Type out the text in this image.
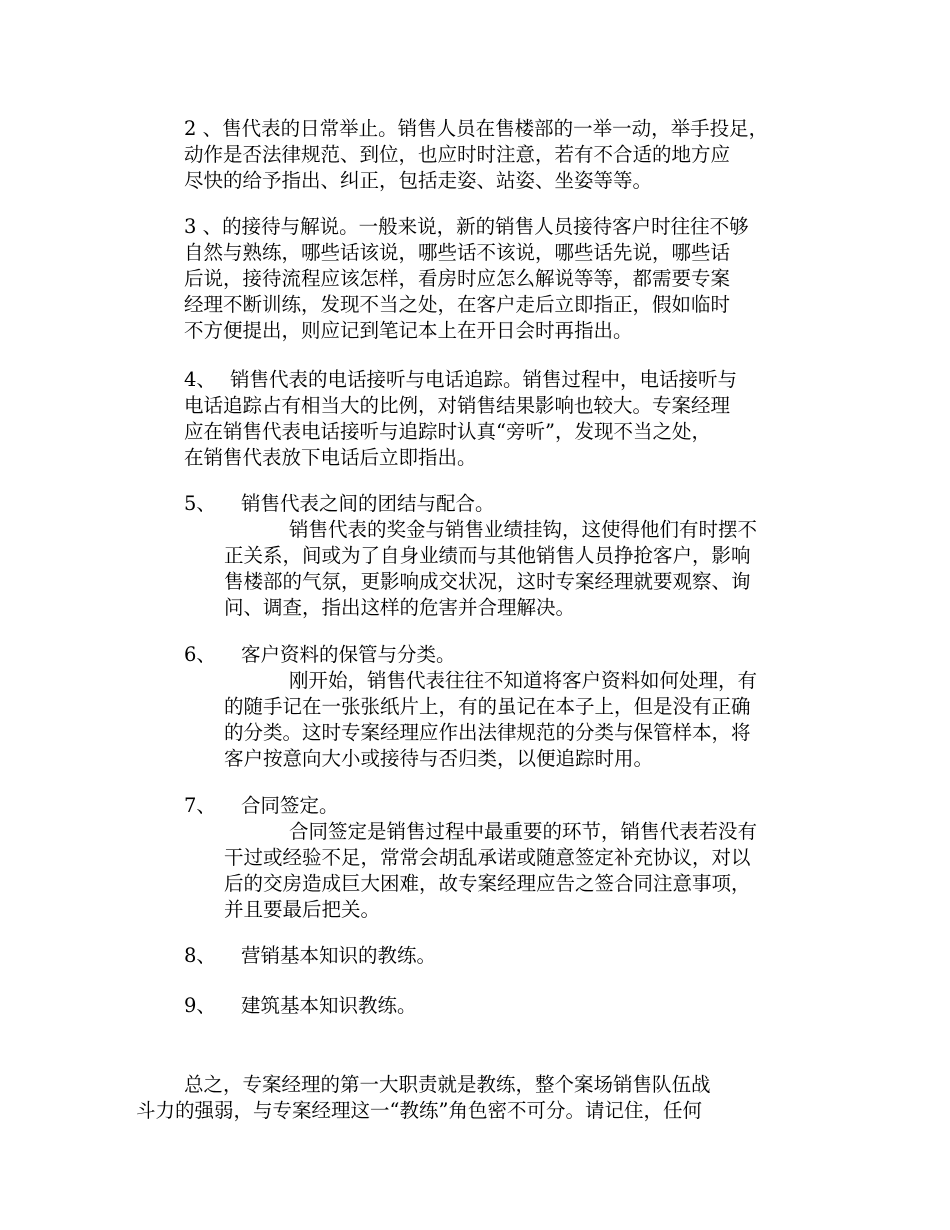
2 、售代表的日常举止。销售人员在售楼部的一举一动，举手投足，
动作是否法律规范、到位，也应时时注意，若有不合适的地方应
尽快的给予指出、纠正，包括走姿、站姿、坐姿等等。
3 、的接待与解说。一般来说，新的销售人员接待客户时往往不够
自然与熟练，哪些话该说，哪些话不该说，哪些话先说，哪些话
后说，接待流程应该怎样，看房时应怎么解说等等，都需要专案
经理不断训练，发现不当之处，在客户走后立即指正，假如临时
不方便提出，则应记到笔记本上在开日会时再指出。
4、 销售代表的电话接听与电话追踪。销售过程中，电话接听与
电话追踪占有相当大的比例，对销售结果影响也较大。专案经理
应在销售代表电话接听与追踪时认真“旁听”，发现不当之处，
在销售代表放下电话后立即指出。
5、 销售代表之间的团结与配合。
销售代表的奖金与销售业绩挂钩，这使得他们有时摆不
正关系，间或为了自身业绩而与其他销售人员挣抢客户，影响
售楼部的气氛，更影响成交状况，这时专案经理就要观察、询
问、调查，指出这样的危害并合理解决。
6、 客户资料的保管与分类。
刚开始，销售代表往往不知道将客户资料如何处理，有
的随手记在一张张纸片上，有的虽记在本子上，但是没有正确
的分类。这时专案经理应作出法律规范的分类与保管样本，将
客户按意向大小或接待与否归类，以便追踪时用。
7、 合同签定。
合同签定是销售过程中最重要的环节，销售代表若没有
干过或经验不足，常常会胡乱承诺或随意签定补充协议，对以
后的交房造成巨大困难，故专案经理应告之签合同注意事项，
并且要最后把关。
8、 营销基本知识的教练。
9、 建筑基本知识教练。
总之，专案经理的第一大职责就是教练，整个案场销售队伍战
斗力的强弱，与专案经理这一“教练”角色密不可分。请记住，任何
